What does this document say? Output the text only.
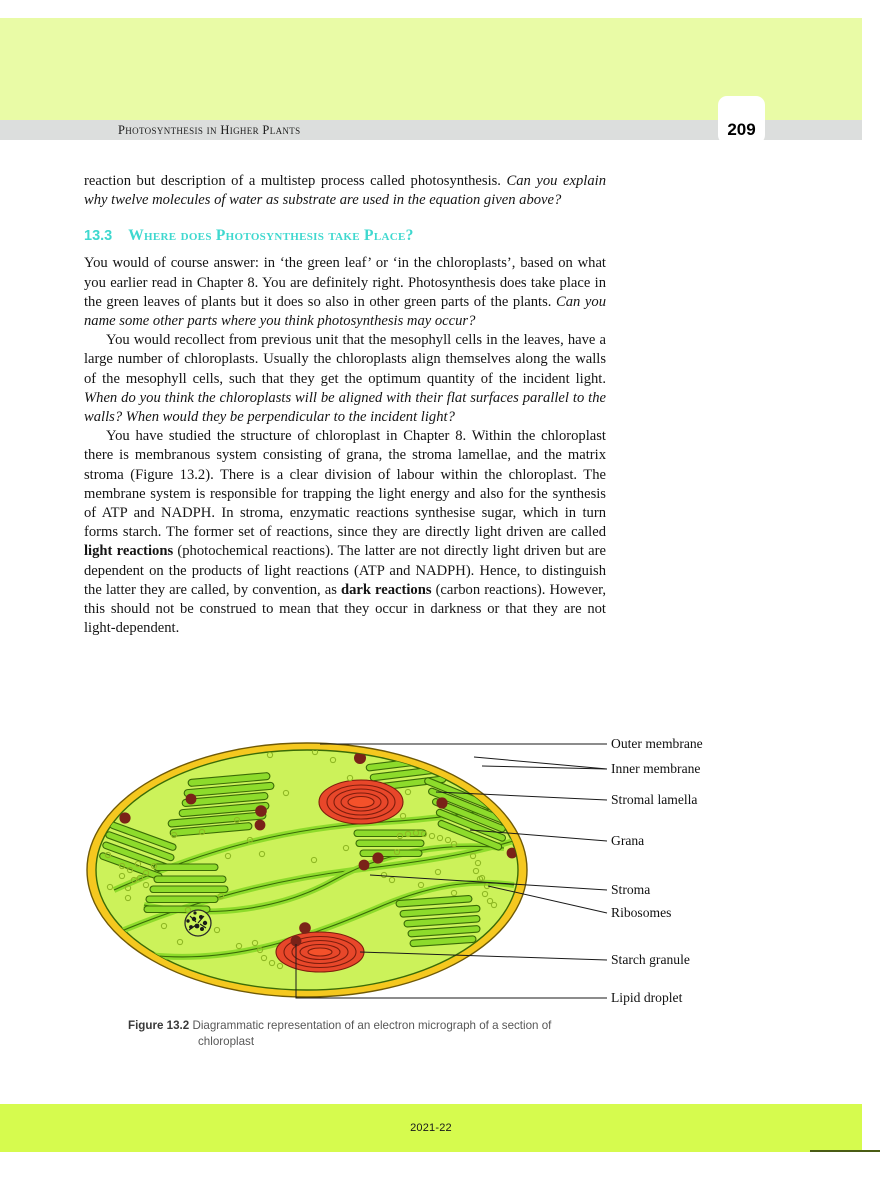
Photosynthesis in Higher Plants	209

reaction but description of a multistep process called photosynthesis. Can you explain why twelve molecules of water as substrate are used in the equation given above?

13.3 Where does Photosynthesis take Place?

You would of course answer: in ‘the green leaf’ or ‘in the chloroplasts’, based on what you earlier read in Chapter 8. You are definitely right. Photosynthesis does take place in the green leaves of plants but it does so also in other green parts of the plants. Can you name some other parts where you think photosynthesis may occur?

You would recollect from previous unit that the mesophyll cells in the leaves, have a large number of chloroplasts. Usually the chloroplasts align themselves along the walls of the mesophyll cells, such that they get the optimum quantity of the incident light. When do you think the chloroplasts will be aligned with their flat surfaces parallel to the walls? When would they be perpendicular to the incident light?

You have studied the structure of chloroplast in Chapter 8. Within the chloroplast there is membranous system consisting of grana, the stroma lamellae, and the matrix stroma (Figure 13.2). There is a clear division of labour within the chloroplast. The membrane system is responsible for trapping the light energy and also for the synthesis of ATP and NADPH. In stroma, enzymatic reactions synthesise sugar, which in turn forms starch. The former set of reactions, since they are directly light driven are called light reactions (photochemical reactions). The latter are not directly light driven but are dependent on the products of light reactions (ATP and NADPH). Hence, to distinguish the latter they are called, by convention, as dark reactions (carbon reactions). However, this should not be construed to mean that they occur in darkness or that they are not light-dependent.

Outer membrane
Inner membrane
Stromal lamella
Grana
Stroma
Ribosomes
Starch granule
Lipid droplet
Figure 13.2 Diagrammatic representation of an electron micrograph of a section of
chloroplast
2021-22
